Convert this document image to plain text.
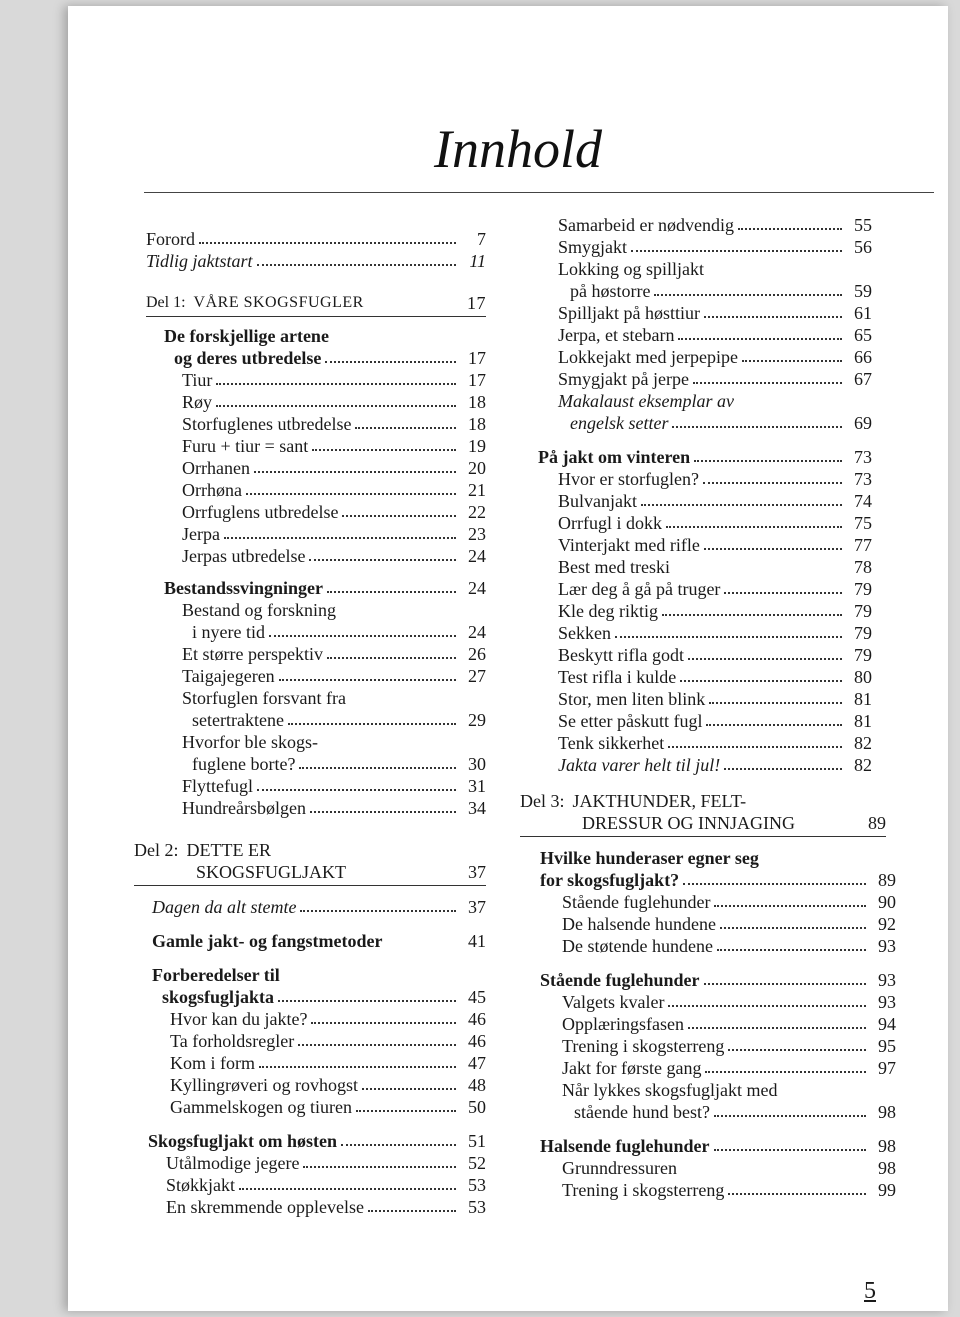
Innhold
Forord	7
Tidlig jaktstart	11
Del 1: VÅRE SKOGSFUGLER	17
De forskjellige artene
og deres utbredelse	17
Tiur	17
Røy	18
Storfuglenes utbredelse	18
Furu + tiur = sant	19
Orrhanen	20
Orrhøna	21
Orrfuglens utbredelse	22
Jerpa	23
Jerpas utbredelse	24
Bestandssvingninger	24
Bestand og forskning
i nyere tid	24
Et større perspektiv	26
Taigajegeren	27
Storfuglen forsvant fra
setertraktene	29
Hvorfor ble skogs-
fuglene borte?	30
Flyttefugl	31
Hundreårsbølgen	34
Del 2: DETTE ER
SKOGSFUGLJAKT	37
Dagen da alt stemte	37
Gamle jakt- og fangstmetoder	41
Forberedelser til
skogsfugljakta	45
Hvor kan du jakte?	46
Ta forholdsregler	46
Kom i form	47
Kyllingrøveri og rovhogst	48
Gammelskogen og tiuren	50
Skogsfugljakt om høsten	51
Utålmodige jegere	52
Støkkjakt	53
En skremmende opplevelse	53
Samarbeid er nødvendig	55
Smygjakt	56
Lokking og spilljakt
på høstorre	59
Spilljakt på høsttiur	61
Jerpa, et stebarn	65
Lokkejakt med jerpepipe	66
Smygjakt på jerpe	67
Makalaust eksemplar av
engelsk setter	69
På jakt om vinteren	73
Hvor er storfuglen?	73
Bulvanjakt	74
Orrfugl i dokk	75
Vinterjakt med rifle	77
Best med treski	78
Lær deg å gå på truger	79
Kle deg riktig	79
Sekken	79
Beskytt rifla godt	79
Test rifla i kulde	80
Stor, men liten blink	81
Se etter påskutt fugl	81
Tenk sikkerhet	82
Jakta varer helt til jul!	82
Del 3: JAKTHUNDER, FELT-
DRESSUR OG INNJAGING	89
Hvilke hunderaser egner seg
for skogsfugljakt?	89
Stående fuglehunder	90
De halsende hundene	92
De støtende hundene	93
Stående fuglehunder	93
Valgets kvaler	93
Opplæringsfasen	94
Trening i skogsterreng	95
Jakt for første gang	97
Når lykkes skogsfugljakt med
stående hund best?	98
Halsende fuglehunder	98
Grunndressuren	98
Trening i skogsterreng	99
5
